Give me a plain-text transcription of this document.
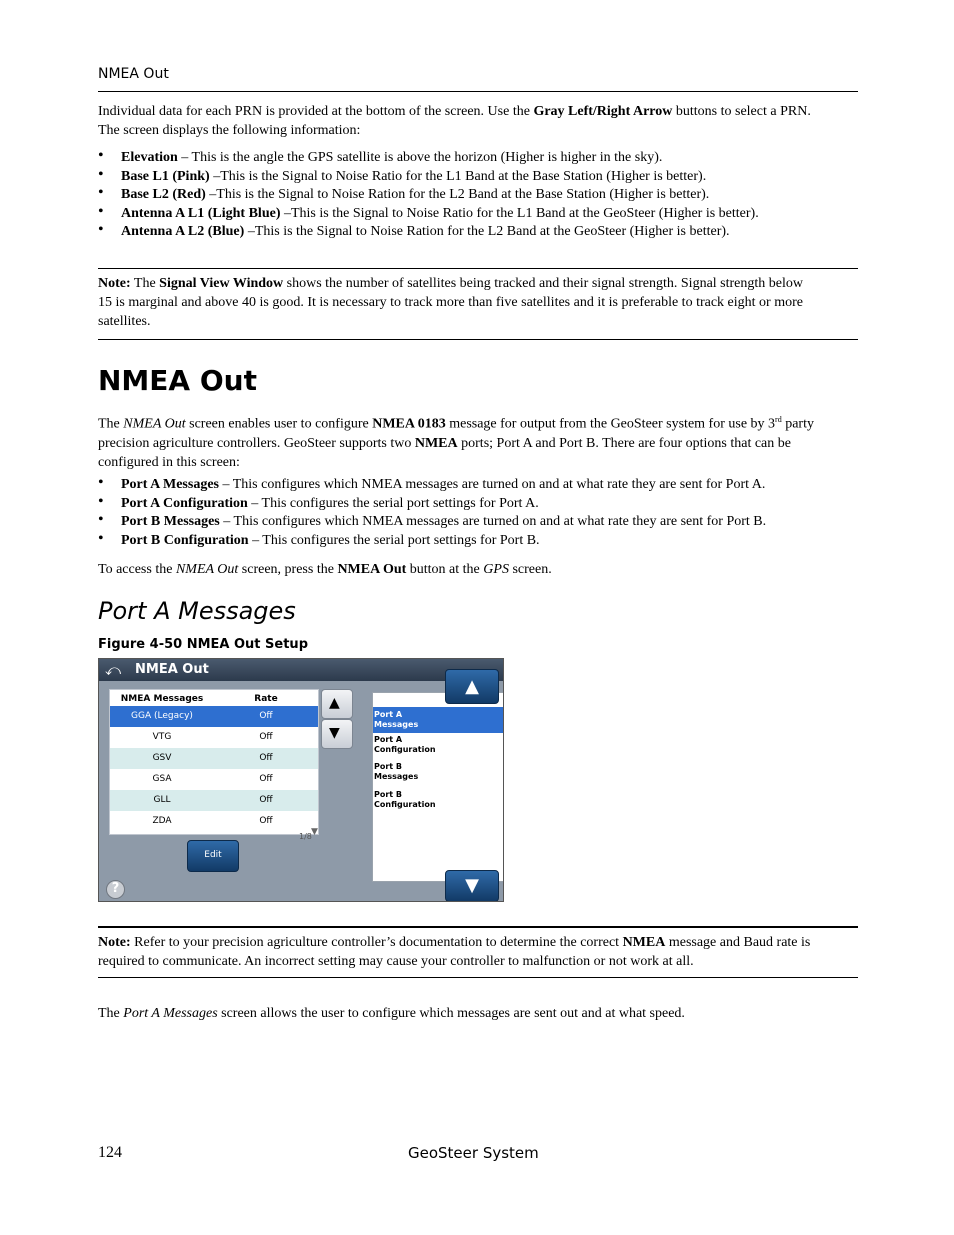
NMEA Out
Individual data for each PRN is provided at the bottom of the screen. Use the Gray Left/Right Arrow buttons to select a PRN.
The screen displays the following information:
• Elevation – This is the angle the GPS satellite is above the horizon (Higher is higher in the sky).
• Base L1 (Pink) –This is the Signal to Noise Ratio for the L1 Band at the Base Station (Higher is better).
• Base L2 (Red) –This is the Signal to Noise Ration for the L2 Band at the Base Station (Higher is better).
• Antenna A L1 (Light Blue) –This is the Signal to Noise Ratio for the L1 Band at the GeoSteer (Higher is better).
• Antenna A L2 (Blue) –This is the Signal to Noise Ration for the L2 Band at the GeoSteer (Higher is better).
Note: The Signal View Window shows the number of satellites being tracked and their signal strength. Signal strength below
15 is marginal and above 40 is good. It is necessary to track more than five satellites and it is preferable to track eight or more
satellites.
NMEA Out
The NMEA Out screen enables user to configure NMEA 0183 message for output from the GeoSteer system for use by 3rd party
precision agriculture controllers. GeoSteer supports two NMEA ports; Port A and Port B. There are four options that can be
configured in this screen:
• Port A Messages – This configures which NMEA messages are turned on and at what rate they are sent for Port A.
• Port A Configuration – This configures the serial port settings for Port A.
• Port B Messages – This configures which NMEA messages are turned on and at what rate they are sent for Port B.
• Port B Configuration – This configures the serial port settings for Port B.
To access the NMEA Out screen, press the NMEA Out button at the GPS screen.
Port A Messages
Figure 4-50 NMEA Out Setup
⤺ NMEA Out
NMEA Messages	Rate
GGA (Legacy)	Off
VTG	Off
GSV	Off
GSA	Off
GLL	Off
ZDA	Off
1/8 ▼
▲
▼
Edit
?
Port A
Messages
Port A
Configuration
Port B
Messages
Port B
Configuration
▲
▼
Note: Refer to your precision agriculture controller’s documentation to determine the correct NMEA message and Baud rate is
required to communicate. An incorrect setting may cause your controller to malfunction or not work at all.
The Port A Messages screen allows the user to configure which messages are sent out and at what speed.
124	GeoSteer System
